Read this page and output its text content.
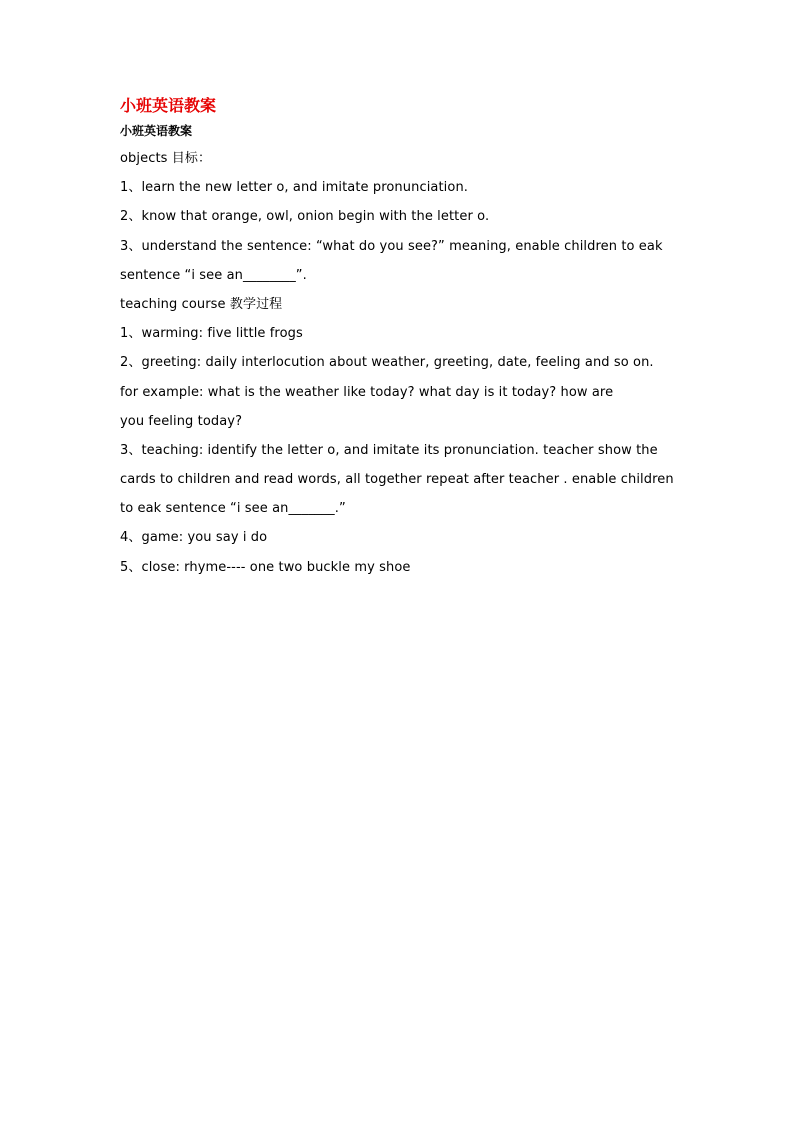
小班英语教案
小班英语教案
objects 目标：
1、learn the new letter o, and imitate pronunciation.
2、know that orange, owl, onion begin with the letter o.
3、understand the sentence: “what do you see?” meaning, enable children to eak
sentence “i see an________”.
teaching course 教学过程
1、warming: five little frogs
2、greeting: daily interlocution about weather, greeting, date, feeling and so on.
for example: what is the weather like today? what day is it today? how are
you feeling today?
3、teaching: identify the letter o, and imitate its pronunciation. teacher show the
cards to children and read words, all together repeat after teacher . enable children
to eak sentence “i see an_______.”
4、game: you say i do
5、close: rhyme---- one two buckle my shoe
